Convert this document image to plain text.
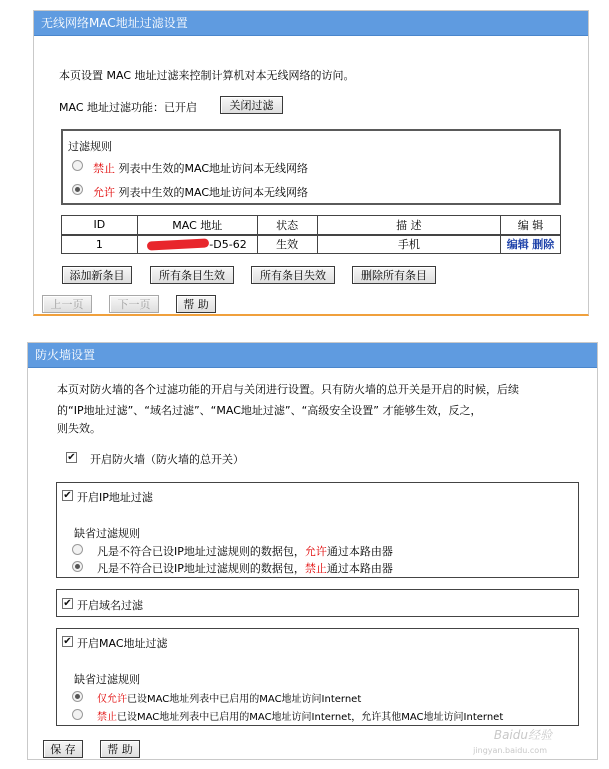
无线网络MAC地址过滤设置
本页设置 MAC 地址过滤来控制计算机对本无线网络的访问。
MAC 地址过滤功能：已开启	关闭过滤
过滤规则
禁止 列表中生效的MAC地址访问本无线网络
允许 列表中生效的MAC地址访问本无线网络
ID	MAC 地址	状态	描 述	编 辑
1	-D5-62	生效	手机	编辑 删除
添加新条目	所有条目生效	所有条目失效	删除所有条目
上一页	下一页	帮 助
防火墙设置
本页对防火墙的各个过滤功能的开启与关闭进行设置。只有防火墙的总开关是开启的时候，后续
的“IP地址过滤”、“域名过滤”、“MAC地址过滤”、“高级安全设置” 才能够生效，反之，
则失效。
✔ 开启防火墙（防火墙的总开关）
✔ 开启IP地址过滤
缺省过滤规则
凡是不符合已设IP地址过滤规则的数据包，允许通过本路由器
凡是不符合已设IP地址过滤规则的数据包，禁止通过本路由器
✔ 开启域名过滤
✔ 开启MAC地址过滤
缺省过滤规则
仅允许已设MAC地址列表中已启用的MAC地址访问Internet
禁止已设MAC地址列表中已启用的MAC地址访问Internet，允许其他MAC地址访问Internet
保 存	帮 助
Baidu经验
jingyan.baidu.com
